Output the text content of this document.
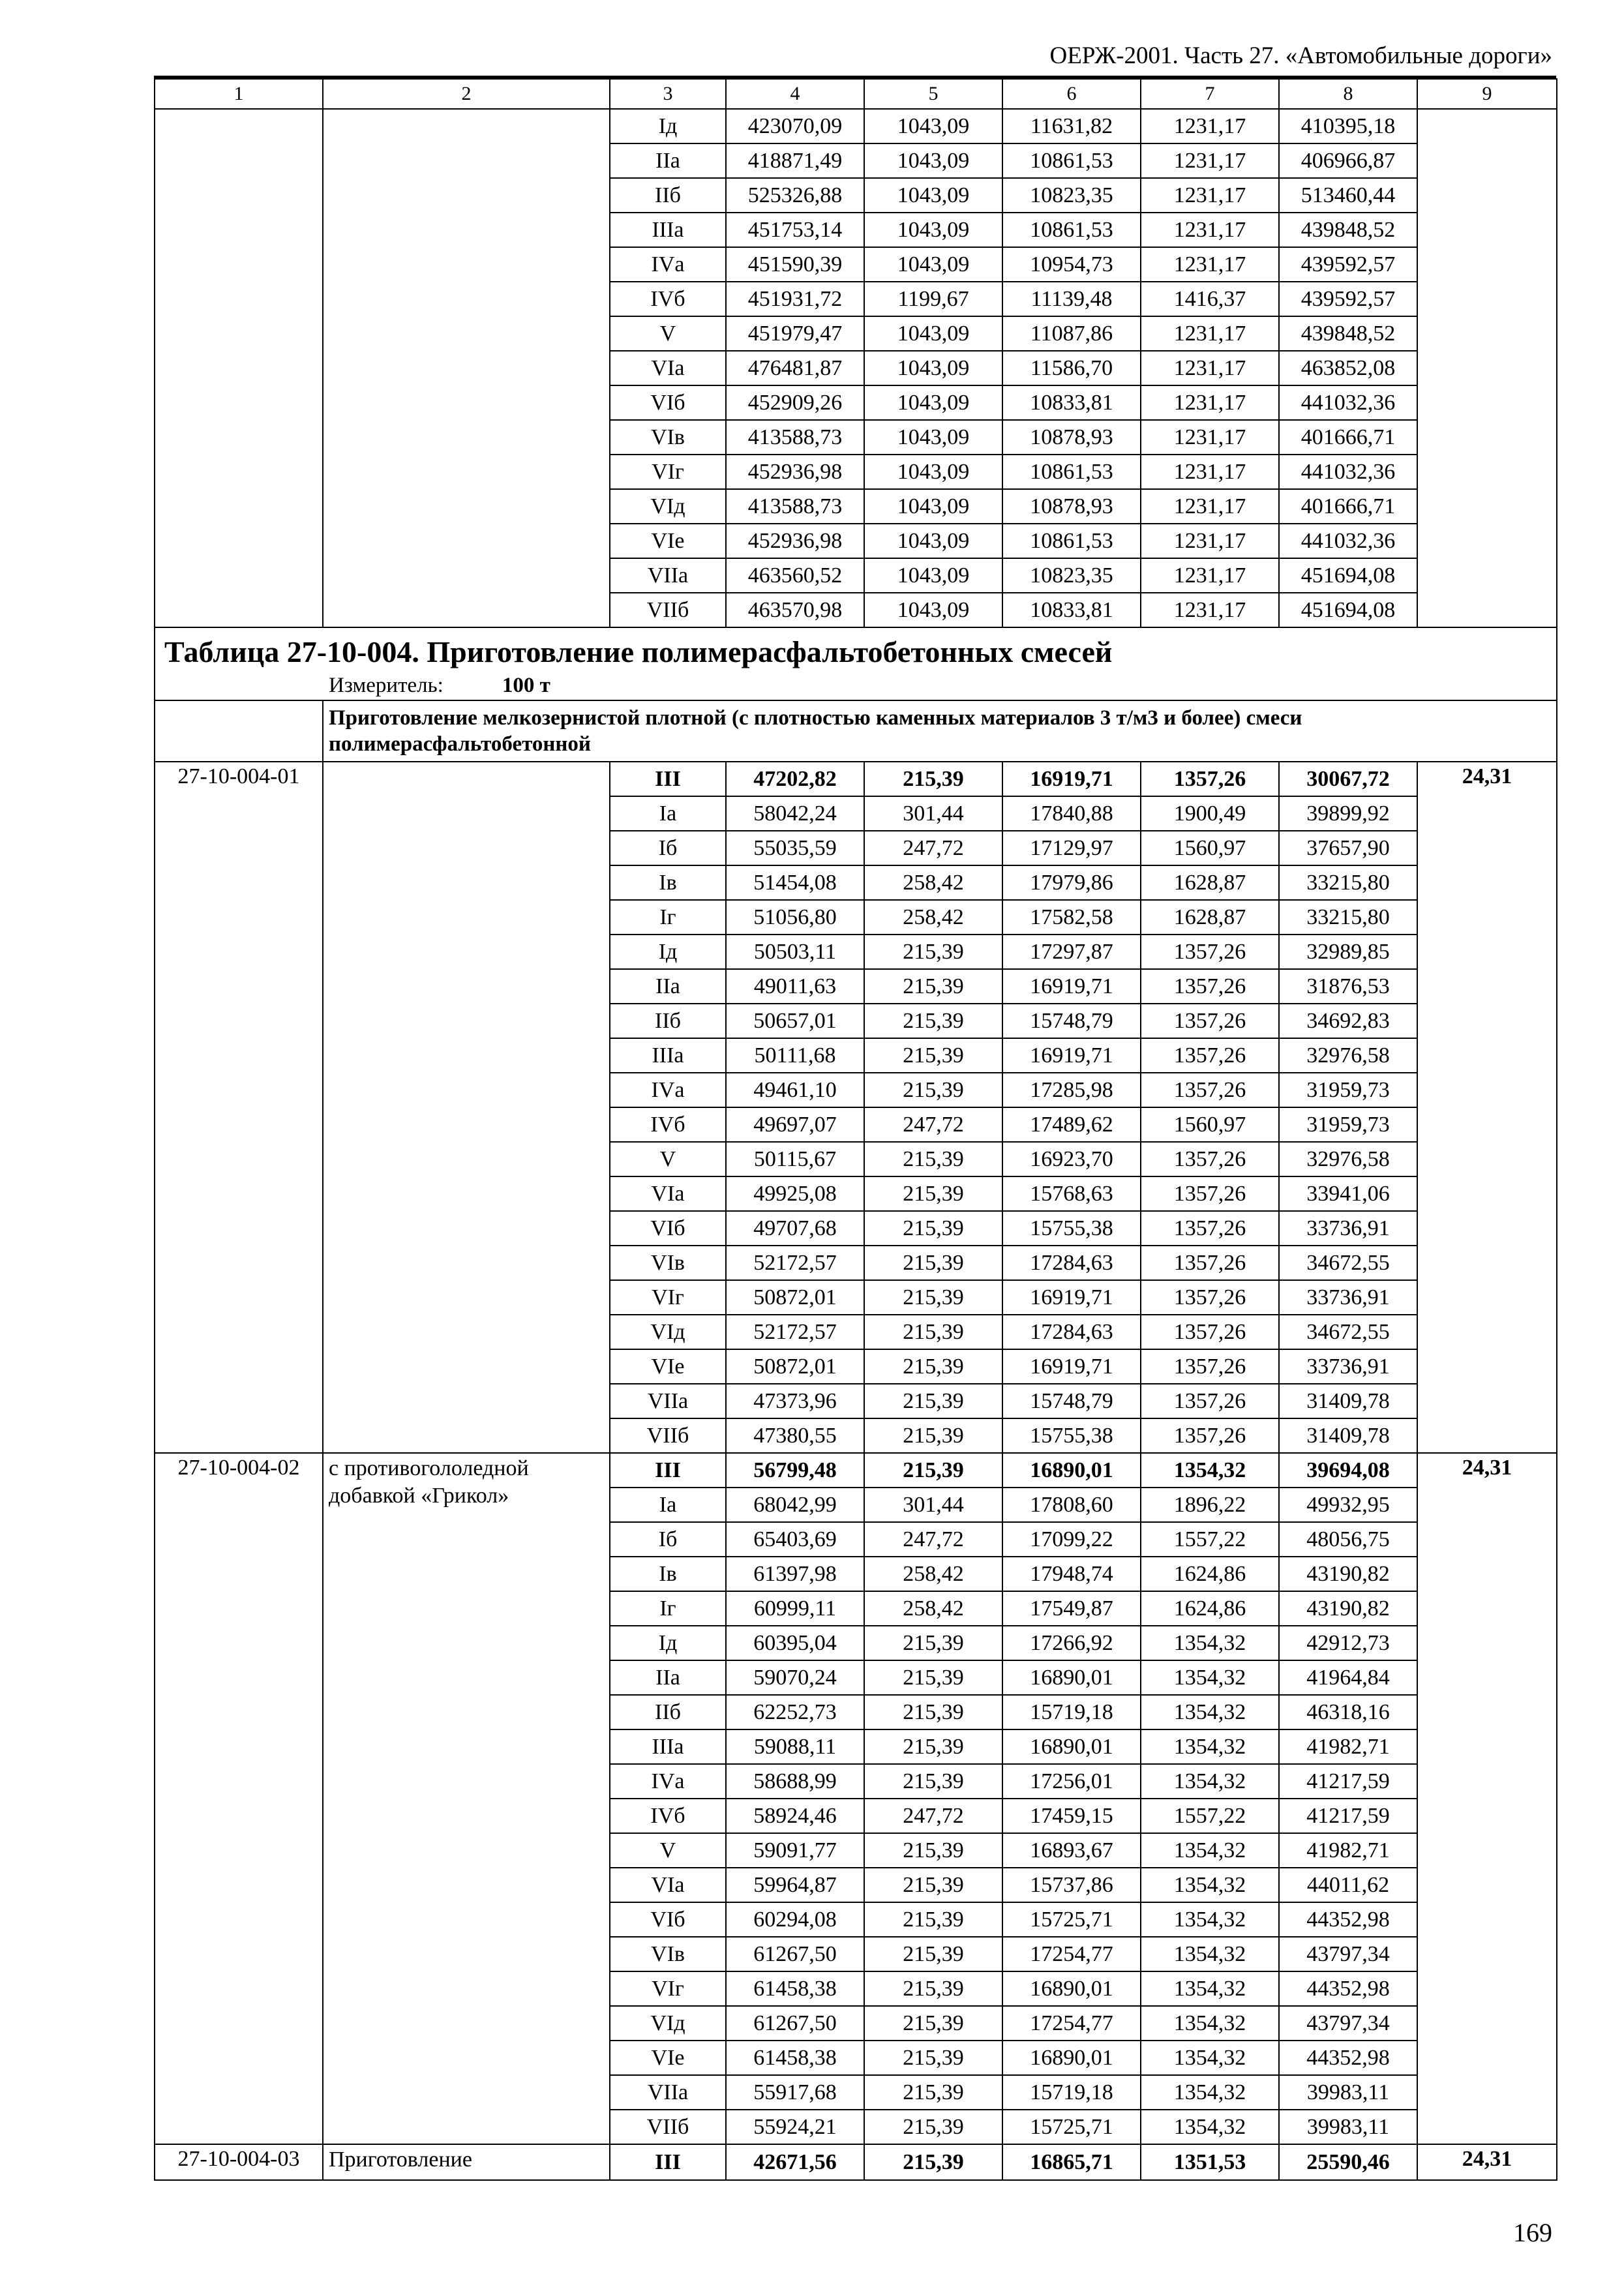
ОЕРЖ-2001. Часть 27. «Автомобильные дороги»
1	2	3	4	5	6	7	8	9
		Iд	423070,09	1043,09	11631,82	1231,17	410395,18	
		IIа	418871,49	1043,09	10861,53	1231,17	406966,87	
		IIб	525326,88	1043,09	10823,35	1231,17	513460,44	
		IIIа	451753,14	1043,09	10861,53	1231,17	439848,52	
		IVа	451590,39	1043,09	10954,73	1231,17	439592,57	
		IVб	451931,72	1199,67	11139,48	1416,37	439592,57	
		V	451979,47	1043,09	11087,86	1231,17	439848,52	
		VIа	476481,87	1043,09	11586,70	1231,17	463852,08	
		VIб	452909,26	1043,09	10833,81	1231,17	441032,36	
		VIв	413588,73	1043,09	10878,93	1231,17	401666,71	
		VIг	452936,98	1043,09	10861,53	1231,17	441032,36	
		VIд	413588,73	1043,09	10878,93	1231,17	401666,71	
		VIе	452936,98	1043,09	10861,53	1231,17	441032,36	
		VIIа	463560,52	1043,09	10823,35	1231,17	451694,08	
		VIIб	463570,98	1043,09	10833,81	1231,17	451694,08	

Таблица 27-10-004. Приготовление полимерасфальтобетонных смесей
Измеритель: 100 т								

	Приготовление мелкозернистой плотной (с плотностью каменных материалов 3 т/м3 и более) смеси полимерасфальтобетонной							
27-10-004-01		III	47202,82	215,39	16919,71	1357,26	30067,72	24,31
		Iа	58042,24	301,44	17840,88	1900,49	39899,92	
		Iб	55035,59	247,72	17129,97	1560,97	37657,90	
		Iв	51454,08	258,42	17979,86	1628,87	33215,80	
		Iг	51056,80	258,42	17582,58	1628,87	33215,80	
		Iд	50503,11	215,39	17297,87	1357,26	32989,85	
		IIа	49011,63	215,39	16919,71	1357,26	31876,53	
		IIб	50657,01	215,39	15748,79	1357,26	34692,83	
		IIIа	50111,68	215,39	16919,71	1357,26	32976,58	
		IVа	49461,10	215,39	17285,98	1357,26	31959,73	
		IVб	49697,07	247,72	17489,62	1560,97	31959,73	
		V	50115,67	215,39	16923,70	1357,26	32976,58	
		VIа	49925,08	215,39	15768,63	1357,26	33941,06	
		VIб	49707,68	215,39	15755,38	1357,26	33736,91	
		VIв	52172,57	215,39	17284,63	1357,26	34672,55	
		VIг	50872,01	215,39	16919,71	1357,26	33736,91	
		VIд	52172,57	215,39	17284,63	1357,26	34672,55	
		VIе	50872,01	215,39	16919,71	1357,26	33736,91	
		VIIа	47373,96	215,39	15748,79	1357,26	31409,78	
		VIIб	47380,55	215,39	15755,38	1357,26	31409,78	
27-10-004-02	с противогололедной добавкой «Грикол»	III	56799,48	215,39	16890,01	1354,32	39694,08	24,31
		Iа	68042,99	301,44	17808,60	1896,22	49932,95	
		Iб	65403,69	247,72	17099,22	1557,22	48056,75	
		Iв	61397,98	258,42	17948,74	1624,86	43190,82	
		Iг	60999,11	258,42	17549,87	1624,86	43190,82	
		Iд	60395,04	215,39	17266,92	1354,32	42912,73	
		IIа	59070,24	215,39	16890,01	1354,32	41964,84	
		IIб	62252,73	215,39	15719,18	1354,32	46318,16	
		IIIа	59088,11	215,39	16890,01	1354,32	41982,71	
		IVа	58688,99	215,39	17256,01	1354,32	41217,59	
		IVб	58924,46	247,72	17459,15	1557,22	41217,59	
		V	59091,77	215,39	16893,67	1354,32	41982,71	
		VIа	59964,87	215,39	15737,86	1354,32	44011,62	
		VIб	60294,08	215,39	15725,71	1354,32	44352,98	
		VIв	61267,50	215,39	17254,77	1354,32	43797,34	
		VIг	61458,38	215,39	16890,01	1354,32	44352,98	
		VIд	61267,50	215,39	17254,77	1354,32	43797,34	
		VIе	61458,38	215,39	16890,01	1354,32	44352,98	
		VIIа	55917,68	215,39	15719,18	1354,32	39983,11	
		VIIб	55924,21	215,39	15725,71	1354,32	39983,11	
27-10-004-03	Приготовление	III	42671,56	215,39	16865,71	1351,53	25590,46	24,31
169
